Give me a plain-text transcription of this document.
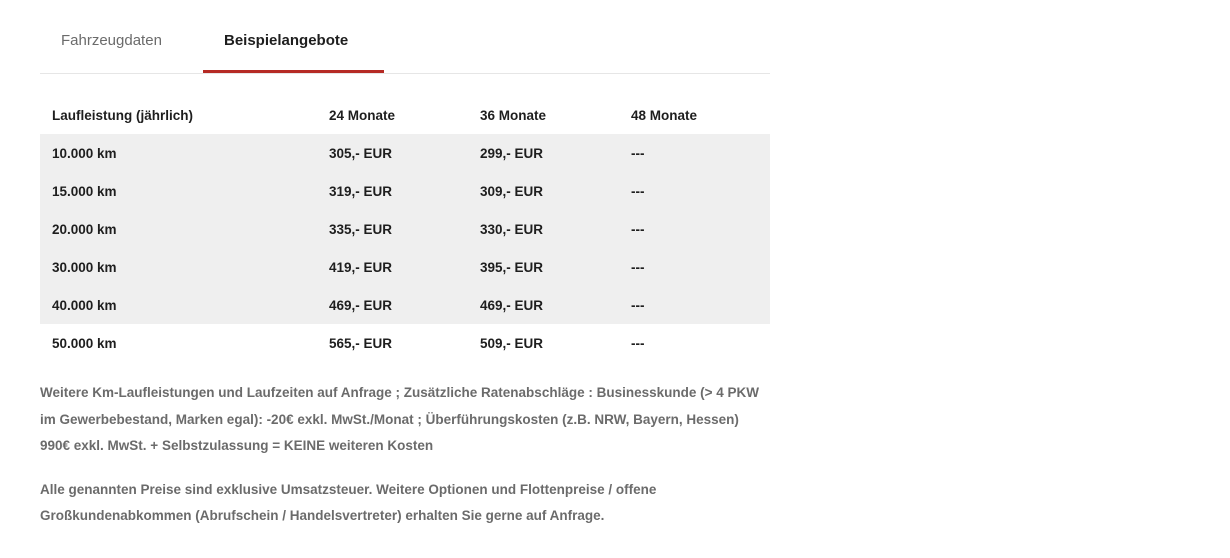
Fahrzeugdaten	Beispielangebote
Laufleistung (jährlich)	24 Monate	36 Monate	48 Monate
10.000 km	305,- EUR	299,- EUR	---
15.000 km	319,- EUR	309,- EUR	---
20.000 km	335,- EUR	330,- EUR	---
30.000 km	419,- EUR	395,- EUR	---
40.000 km	469,- EUR	469,- EUR	---
50.000 km	565,- EUR	509,- EUR	---

Weitere Km-Laufleistungen und Laufzeiten auf Anfrage ; Zusätzliche Ratenabschläge : Businesskunde (> 4 PKW im Gewerbebestand, Marken egal): -20€ exkl. MwSt./Monat ; Überführungskosten (z.B. NRW, Bayern, Hessen) 990€ exkl. MwSt. + Selbstzulassung = KEINE weiteren Kosten

Alle genannten Preise sind exklusive Umsatzsteuer. Weitere Optionen und Flottenpreise / offene Großkundenabkommen (Abrufschein / Handelsvertreter) erhalten Sie gerne auf Anfrage.
